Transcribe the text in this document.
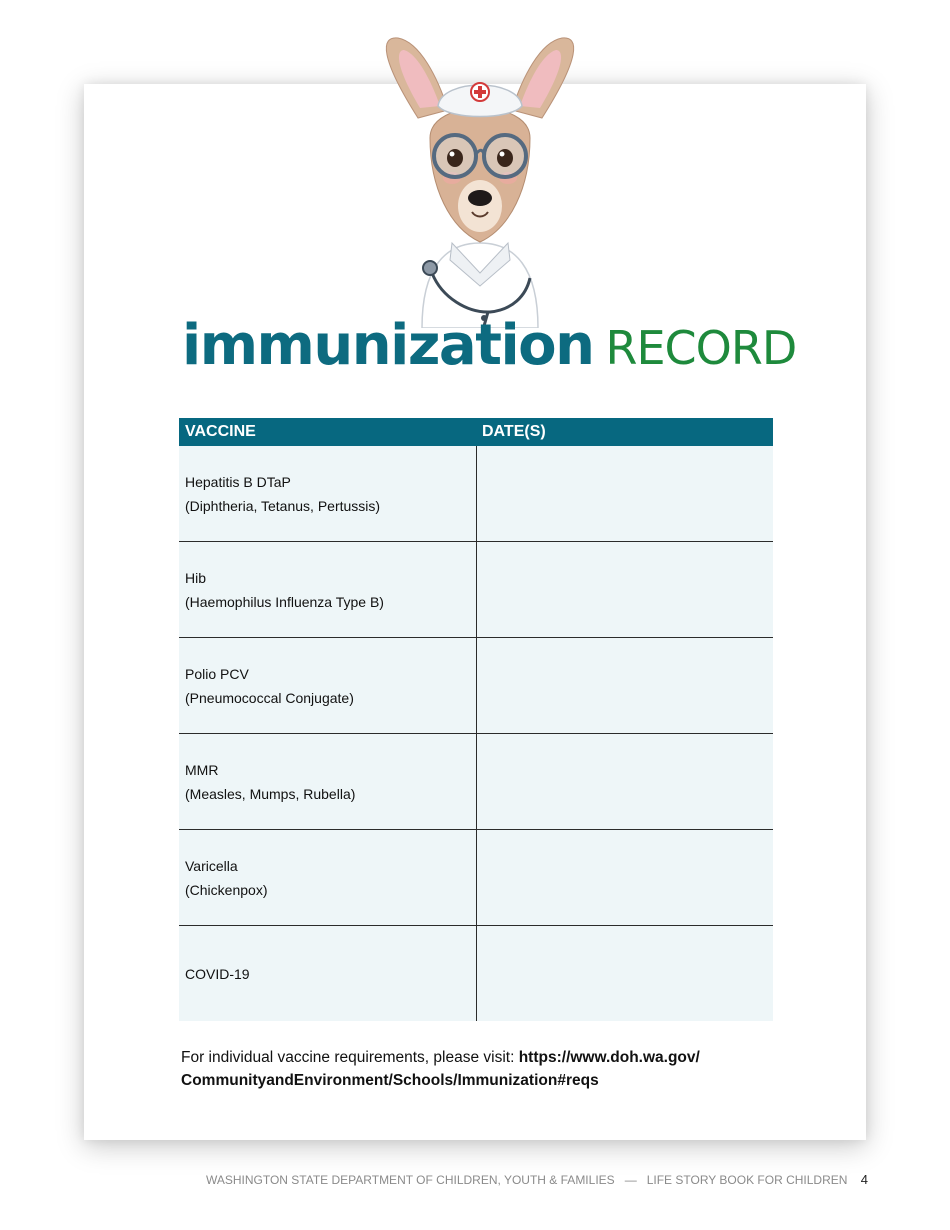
immunization RECORD
VACCINE	DATE(S)

Hepatitis B DTaP
(Diphtheria, Tetanus, Pertussis)	

Hib
(Haemophilus Influenza Type B)	

Polio PCV
(Pneumococcal Conjugate)	

MMR
(Measles, Mumps, Rubella)	

Varicella
(Chickenpox)	

COVID-19	

For individual vaccine requirements, please visit: https://www.doh.wa.gov/
CommunityandEnvironment/Schools/Immunization#reqs
WASHINGTON STATE DEPARTMENT OF CHILDREN, YOUTH & FAMILIES — LIFE STORY BOOK FOR CHILDREN 4
